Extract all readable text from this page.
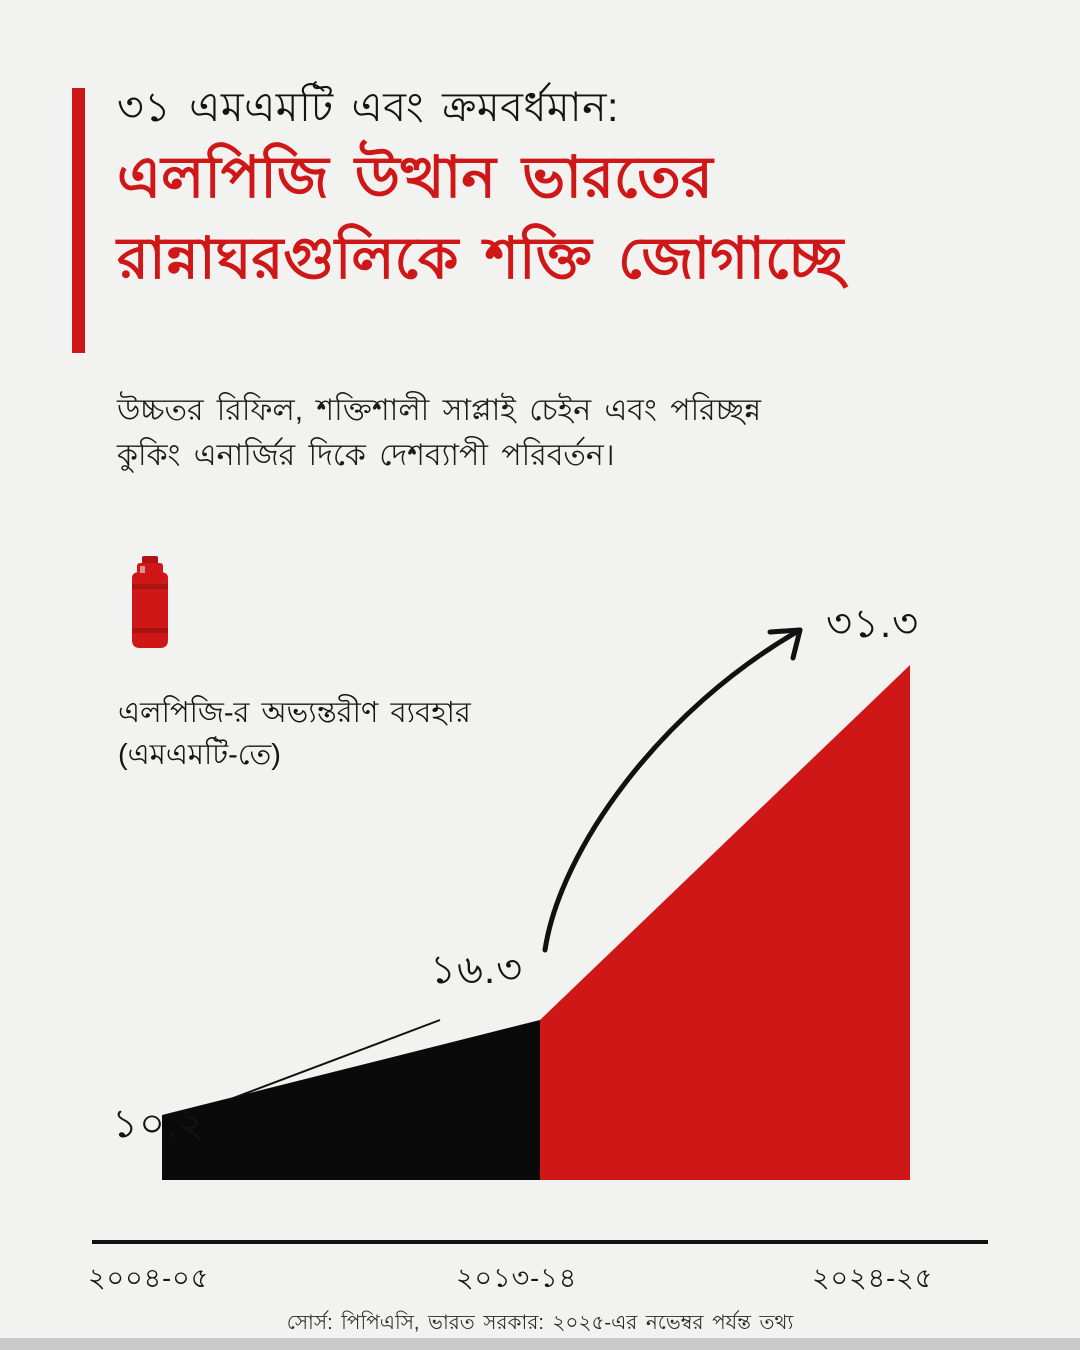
৩১ এমএমটি এবং ক্রমবর্ধমান:
এলপিজি উত্থান ভারতের
রান্নাঘরগুলিকে শক্তি জোগাচ্ছে
উচ্চতর রিফিল, শক্তিশালী সাপ্লাই চেইন এবং পরিচ্ছন্ন
কুকিং এনার্জির দিকে দেশব্যাপী পরিবর্তন।
এলপিজি-র অভ্যন্তরীণ ব্যবহার
(এমএমটি-তে)
১০.২
১৬.৩
৩১.৩
২০০৪-০৫	২০১৩-১৪	২০২৪-২৫
সোর্স: পিপিএসি, ভারত সরকার: ২০২৫-এর নভেম্বর পর্যন্ত তথ্য
